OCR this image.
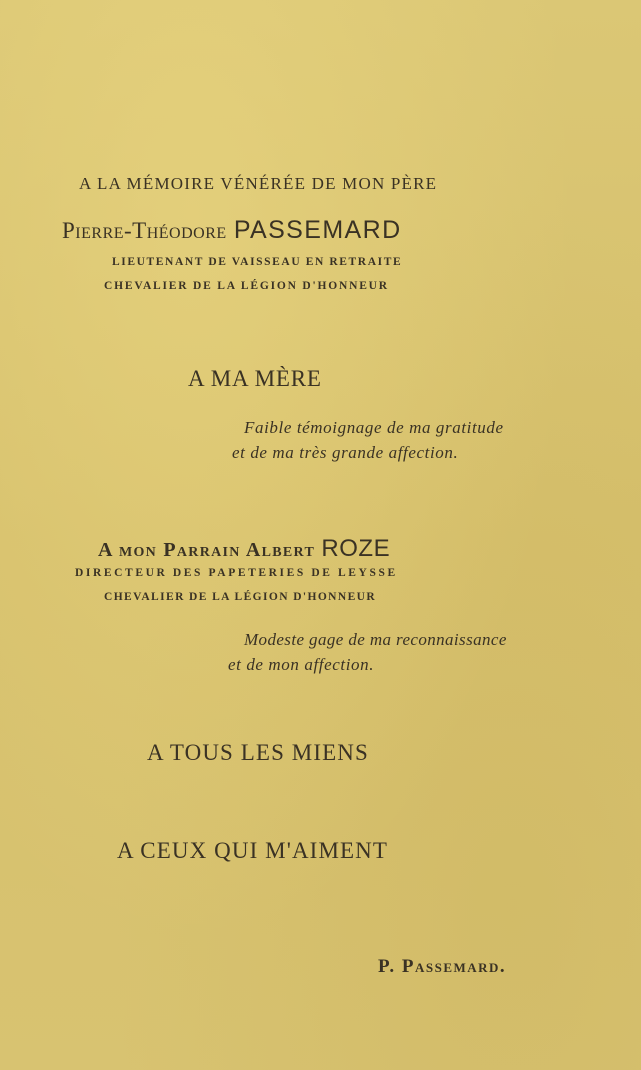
A LA MÉMOIRE VÉNÉRÉE DE MON PÈRE
Pierre-Théodore PASSEMARD
LIEUTENANT DE VAISSEAU EN RETRAITE
CHEVALIER DE LA LÉGION D'HONNEUR
A MA MÈRE
Faible témoignage de ma gratitude
et de ma très grande affection.
A mon Parrain Albert ROZE
DIRECTEUR DES PAPETERIES DE LEYSSE
CHEVALIER DE LA LÉGION D'HONNEUR
Modeste gage de ma reconnaissance
et de mon affection.
A TOUS LES MIENS
A CEUX QUI M'AIMENT
P. Passemard.
